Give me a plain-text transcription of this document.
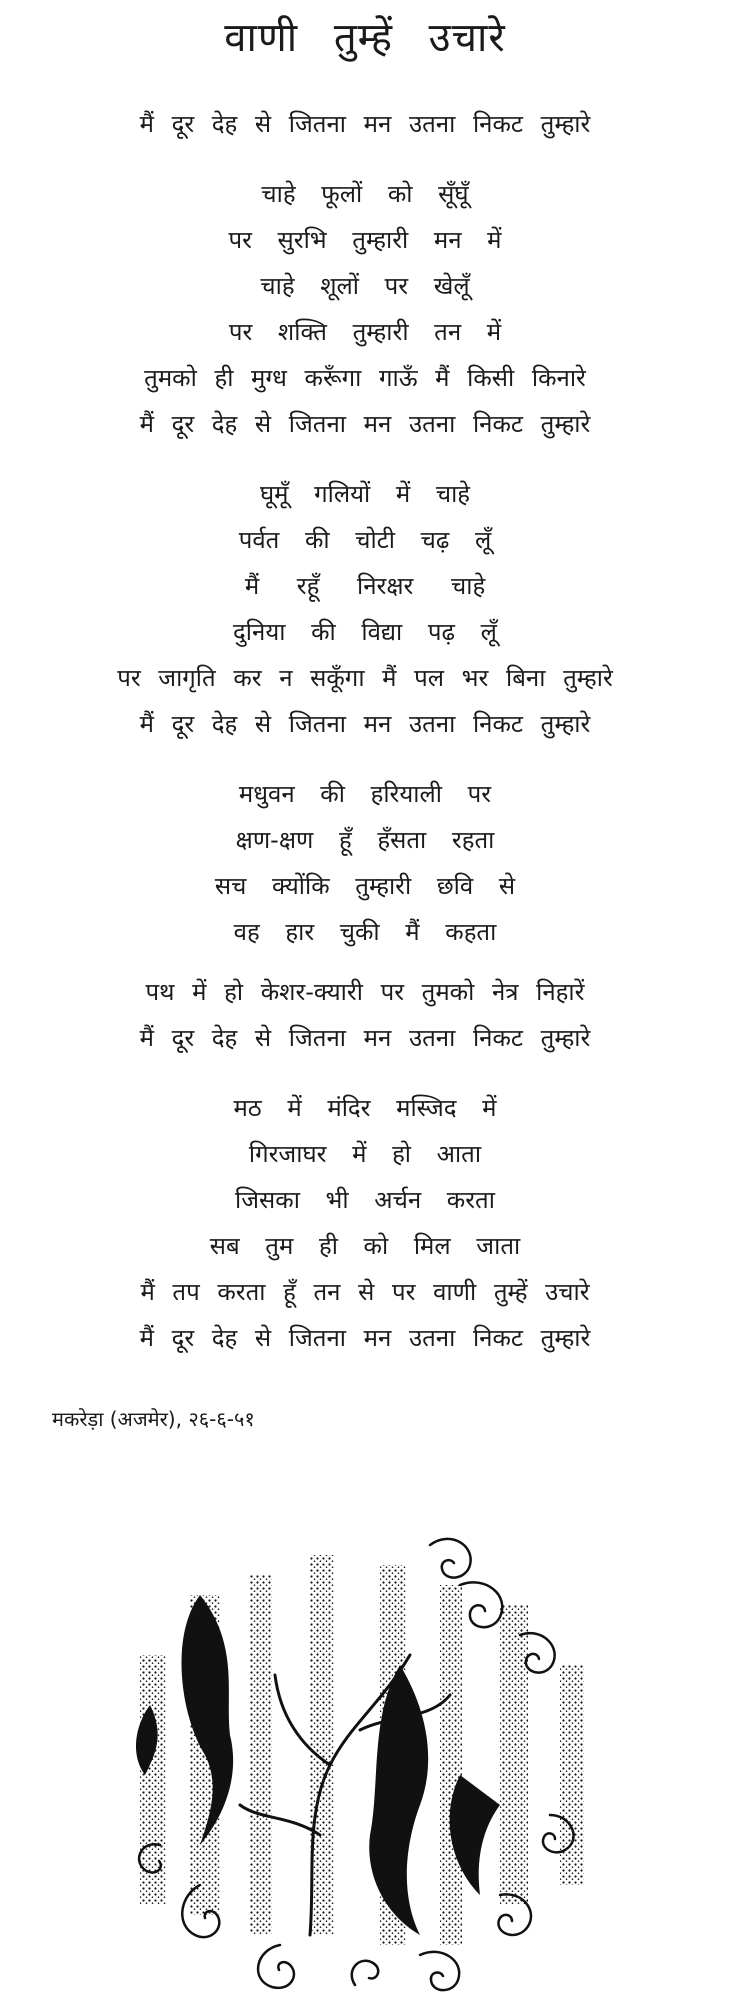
वाणी तुम्हें उचारे
मैं दूर देह से जितना मन उतना निकट तुम्हारे
चाहे फूलों को सूँघूँ
पर सुरभि तुम्हारी मन में
चाहे शूलों पर खेलूँ
पर शक्ति तुम्हारी तन में
तुमको ही मुग्ध करूँगा गाऊँ मैं किसी किनारे
मैं दूर देह से जितना मन उतना निकट तुम्हारे
घूमूँ गलियों में चाहे
पर्वत की चोटी चढ़ लूँ
मैं रहूँ निरक्षर चाहे
दुनिया की विद्या पढ़ लूँ
पर जागृति कर न सकूँगा मैं पल भर बिना तुम्हारे
मैं दूर देह से जितना मन उतना निकट तुम्हारे
मधुवन की हरियाली पर
क्षण-क्षण हूँ हँसता रहता
सच क्योंकि तुम्हारी छवि से
वह हार चुकी मैं कहता
पथ में हो केशर-क्यारी पर तुमको नेत्र निहारें
मैं दूर देह से जितना मन उतना निकट तुम्हारे
मठ में मंदिर मस्जिद में
गिरजाघर में हो आता
जिसका भी अर्चन करता
सब तुम ही को मिल जाता
मैं तप करता हूँ तन से पर वाणी तुम्हें उचारे
मैं दूर देह से जितना मन उतना निकट तुम्हारे
मकरेड़ा (अजमेर), २६-६-५१
